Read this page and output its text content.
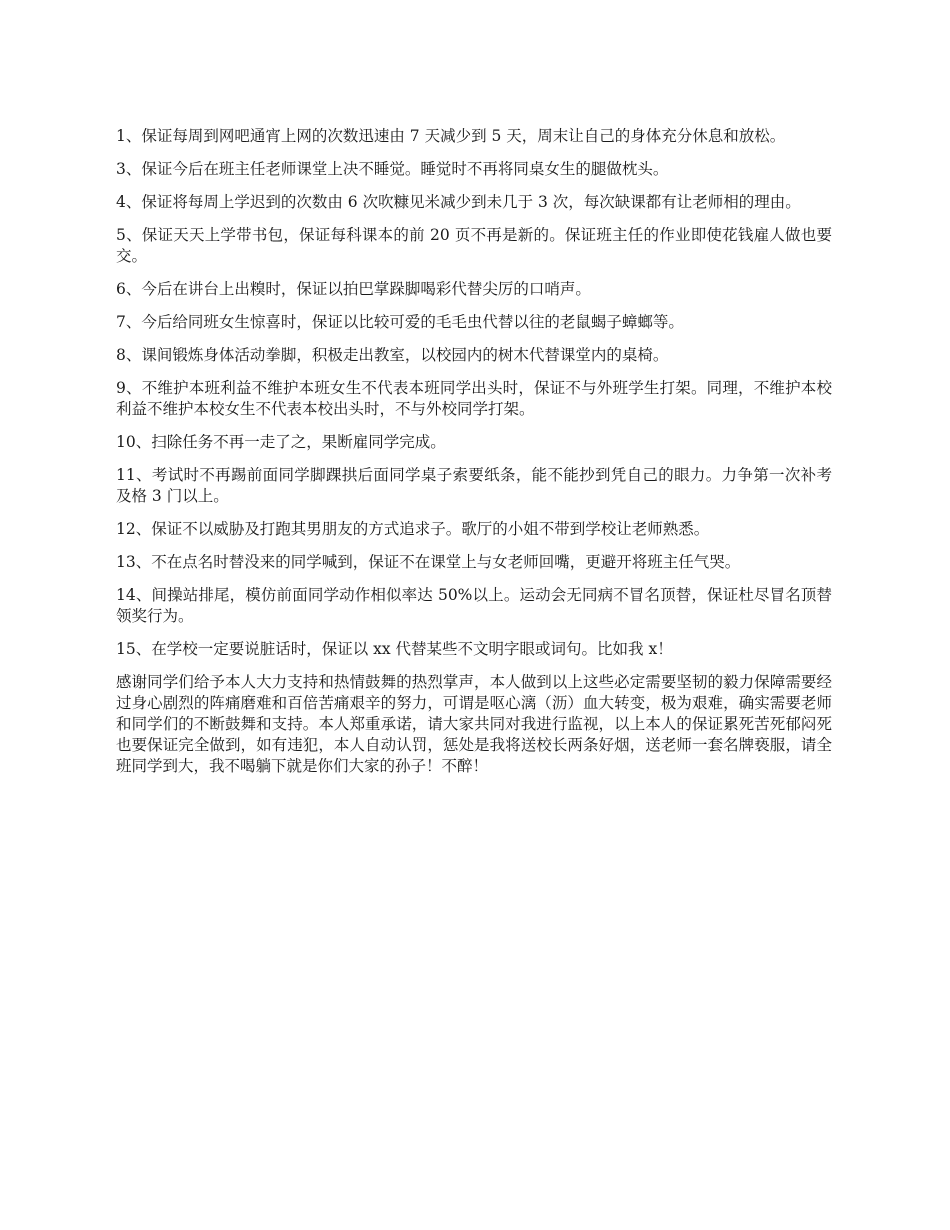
1、保证每周到网吧通宵上网的次数迅速由 7 天减少到 5 天，周末让自己的身体充分休息和放松。

3、保证今后在班主任老师课堂上决不睡觉。睡觉时不再将同桌女生的腿做枕头。

4、保证将每周上学迟到的次数由 6 次吹糠见米减少到未几于 3 次，每次缺课都有让老师相的理由。

5、保证天天上学带书包，保证每科课本的前 20 页不再是新的。保证班主任的作业即使花钱雇人做也要交。

6、今后在讲台上出糗时，保证以拍巴掌跺脚喝彩代替尖厉的口哨声。

7、今后给同班女生惊喜时，保证以比较可爱的毛毛虫代替以往的老鼠蝎子蟑螂等。

8、课间锻炼身体活动拳脚，积极走出教室，以校园内的树木代替课堂内的桌椅。

9、不维护本班利益不维护本班女生不代表本班同学出头时，保证不与外班学生打架。同理，不维护本校利益不维护本校女生不代表本校出头时，不与外校同学打架。

10、扫除任务不再一走了之，果断雇同学完成。

11、考试时不再踢前面同学脚踝拱后面同学桌子索要纸条，能不能抄到凭自己的眼力。力争第一次补考及格 3 门以上。

12、保证不以威胁及打跑其男朋友的方式追求子。歌厅的小姐不带到学校让老师熟悉。

13、不在点名时替没来的同学喊到，保证不在课堂上与女老师回嘴，更避开将班主任气哭。

14、间操站排尾，模仿前面同学动作相似率达 50%以上。运动会无同病不冒名顶替，保证杜尽冒名顶替领奖行为。

15、在学校一定要说脏话时，保证以 xx 代替某些不文明字眼或词句。比如我 x！

感谢同学们给予本人大力支持和热情鼓舞的热烈掌声，本人做到以上这些必定需要坚韧的毅力保障需要经过身心剧烈的阵痛磨难和百倍苦痛艰辛的努力，可谓是呕心漓（沥）血大转变，极为艰难，确实需要老师和同学们的不断鼓舞和支持。本人郑重承诺，请大家共同对我进行监视，以上本人的保证累死苦死郁闷死也要保证完全做到，如有违犯，本人自动认罚，惩处是我将送校长两条好烟，送老师一套名牌亵服，请全班同学到大，我不喝躺下就是你们大家的孙子！不醉！
